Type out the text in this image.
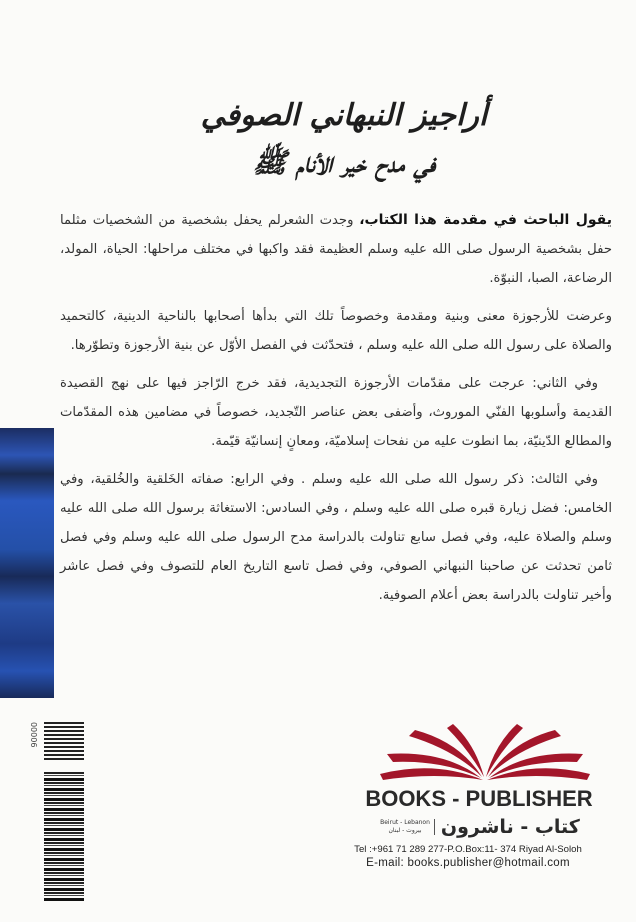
أراجيز النبهاني الصوفي
في مدح خير الأنام ﷺ

يقول الباحث في مقدمة هذا الكتاب، وجدت الشعرلم يحفل بشخصية من الشخصيات مثلما حفل بشخصية الرسول صلى الله عليه وسلم العظيمة فقد واكبها في مختلف مراحلها: الحياة، المولد، الرضاعة، الصبا، النبوّة.

وعرضت للأرجوزة معنى وبنية ومقدمة وخصوصاً تلك التي بدأها أصحابها بالناحية الدينية، كالتحميد والصلاة على رسول الله صلى الله عليه وسلم ، فتحدّثت في الفصل الأوّل عن بنية الأرجوزة وتطوّرها.

وفي الثاني: عرجت على مقدّمات الأرجوزة التجديدية، فقد خرج الرّاجز فيها على نهج القصيدة القديمة وأسلوبها الفنّي الموروث، وأضفى بعض عناصر التّجديد، خصوصاً في مضامين هذه المقدّمات والمطالع الدّينيّة، بما انطوت عليه من نفحات إسلاميّة، ومعانٍ إنسانيّة قيّمة.

وفي الثالث: ذكر رسول الله صلى الله عليه وسلم . وفي الرابع: صفاته الخَلقية والخُلقية، وفي الخامس: فضل زيارة قبره صلى الله عليه وسلم ، وفي السادس: الاستغاثة برسول الله صلى الله عليه وسلم والصلاة عليه، وفي فصل سابع تناولت بالدراسة مدح الرسول صلى الله عليه وسلم وفي فصل ثامن تحدثت عن صاحبنا النبهاني الصوفي، وفي فصل تاسع التاريخ العام للتصوف وفي فصل عاشر وأخير تناولت بالدراسة بعض أعلام الصوفية.

90000
BOOKS - PUBLISHER
Beirut - Lebanon
بيروت - لبنان	كتاب - ناشرون
Tel :+961 71 289 277-P.O.Box:11- 374 Riyad Al-Soloh
E-mail: books.publisher@hotmail.com
